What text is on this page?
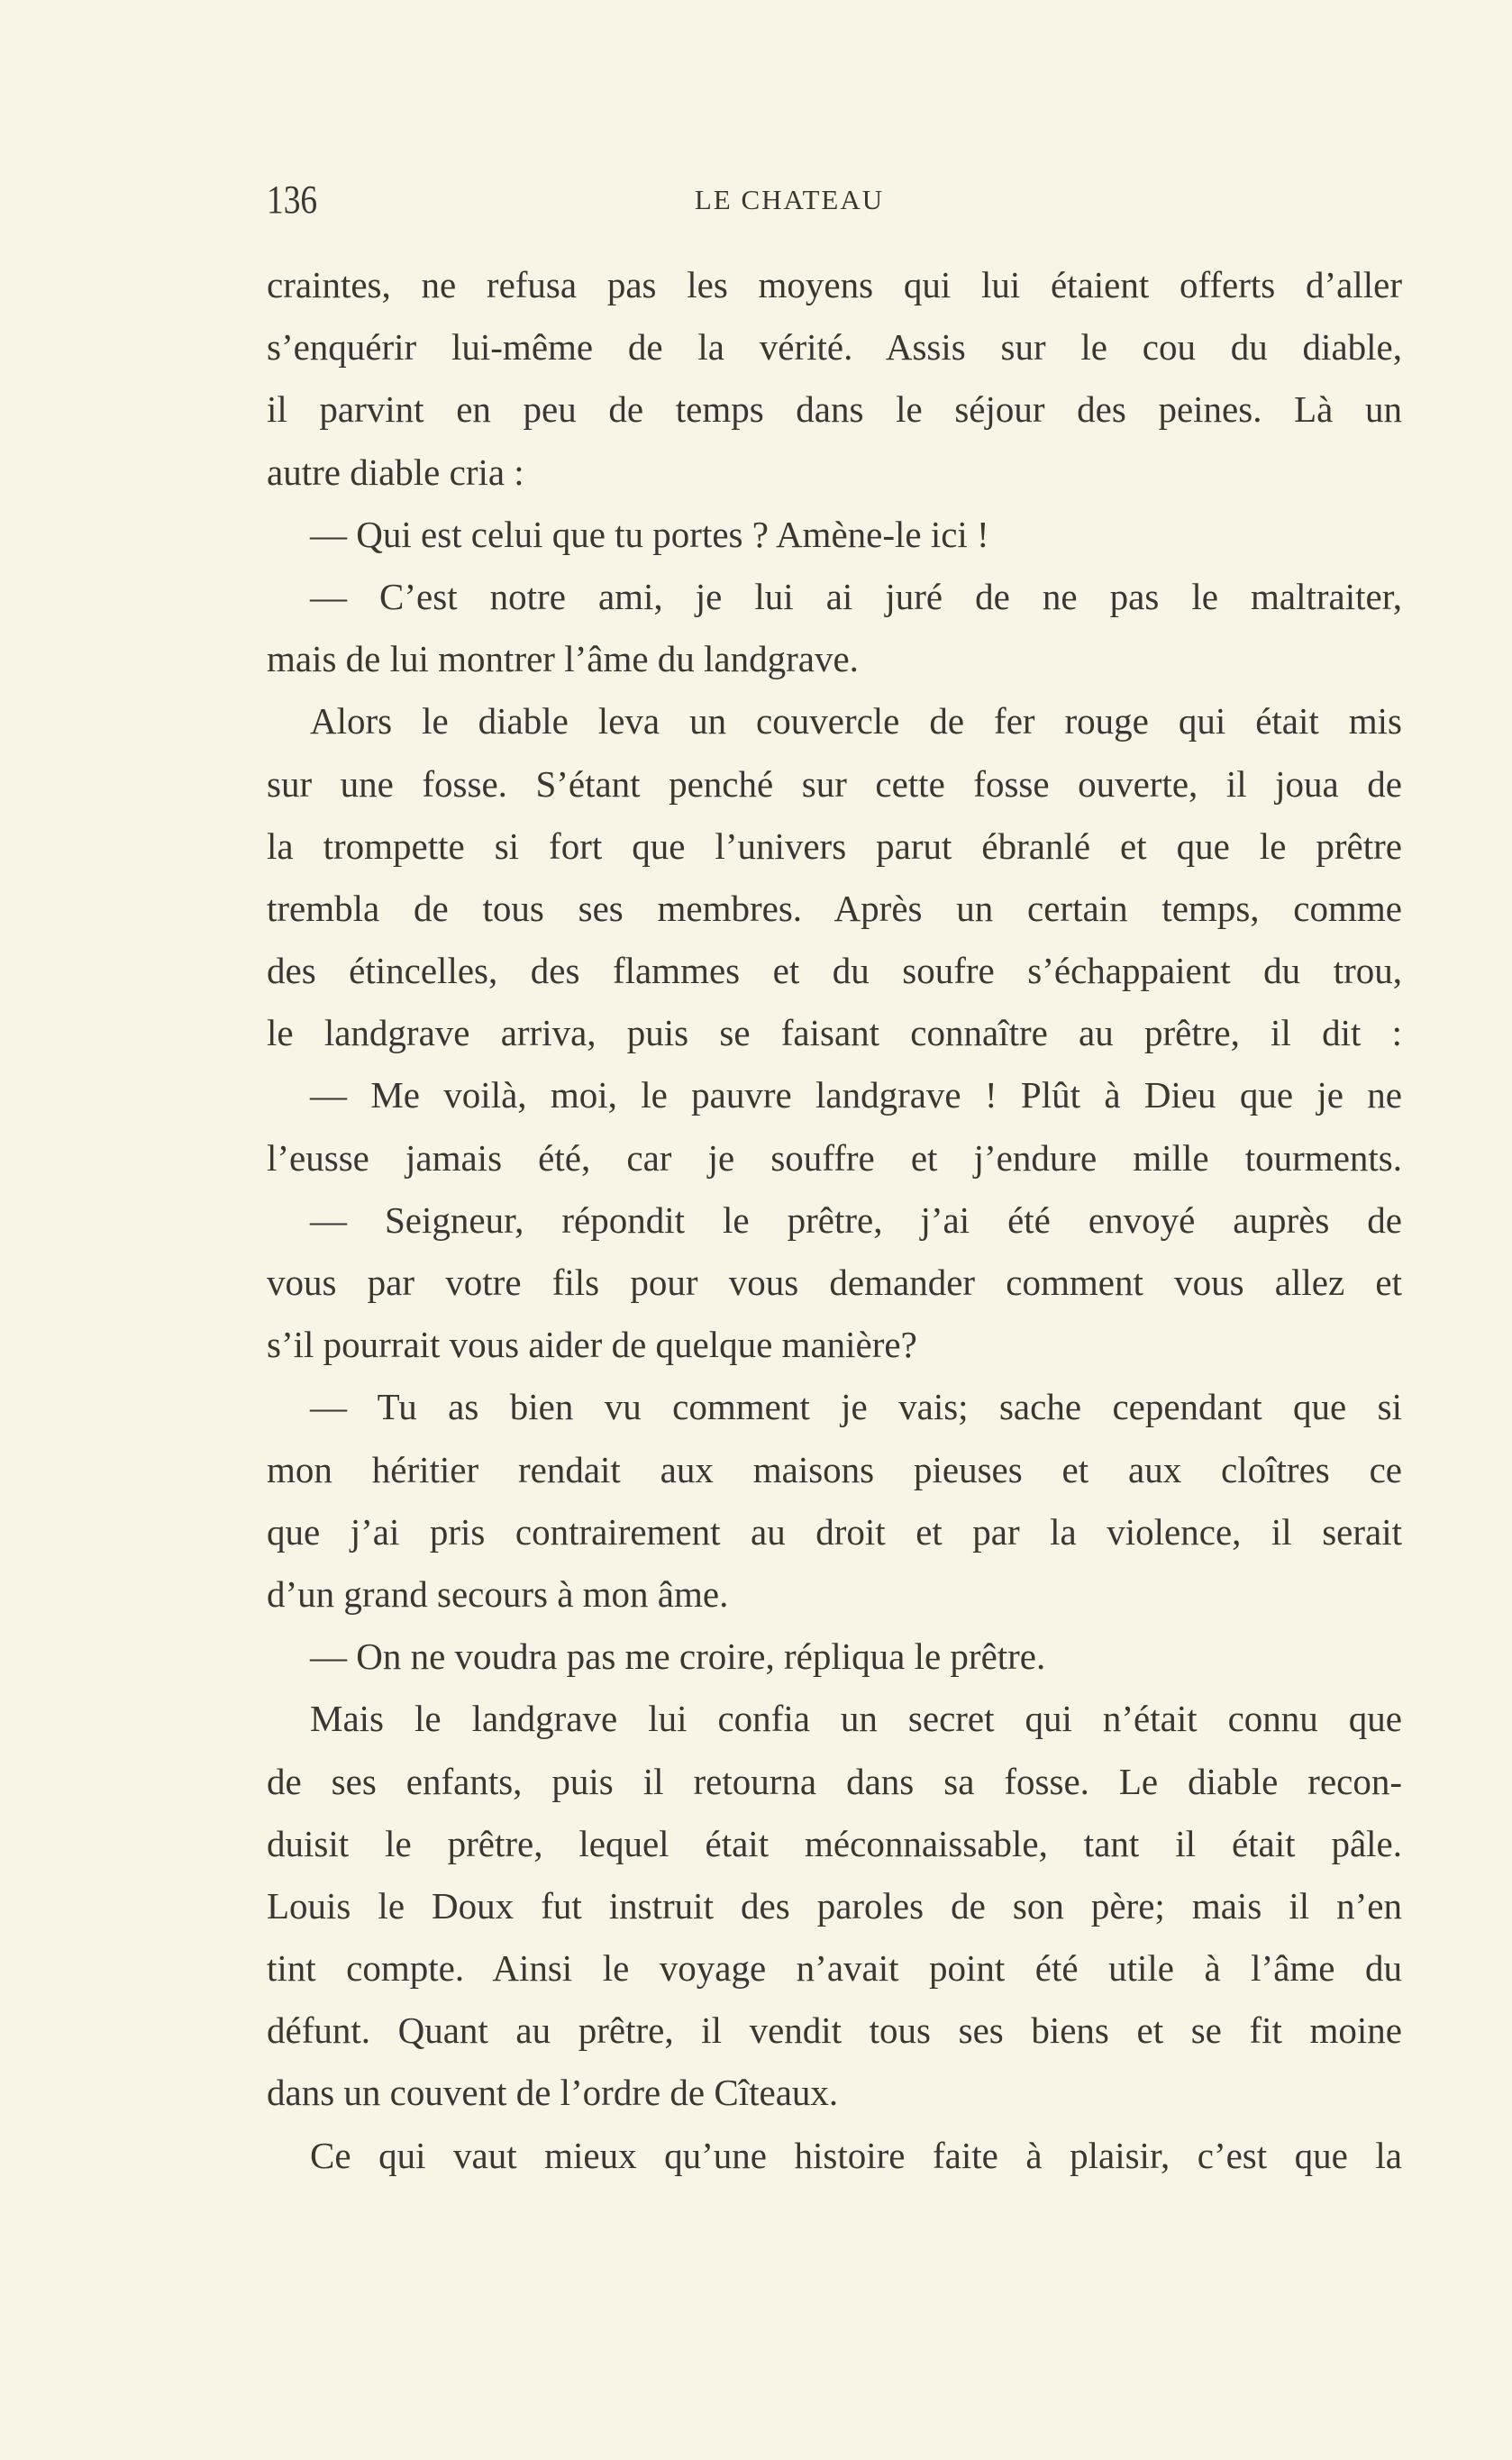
136	LE CHATEAU
craintes, ne refusa pas les moyens qui lui étaient offerts d’aller
s’enquérir lui-même de la vérité. Assis sur le cou du diable,
il parvint en peu de temps dans le séjour des peines. Là un
autre diable cria :
— Qui est celui que tu portes ? Amène-le ici !
— C’est notre ami, je lui ai juré de ne pas le maltraiter,
mais de lui montrer l’âme du landgrave.
Alors le diable leva un couvercle de fer rouge qui était mis
sur une fosse. S’étant penché sur cette fosse ouverte, il joua de
la trompette si fort que l’univers parut ébranlé et que le prêtre
trembla de tous ses membres. Après un certain temps, comme
des étincelles, des flammes et du soufre s’échappaient du trou,
le landgrave arriva, puis se faisant connaître au prêtre, il dit :
— Me voilà, moi, le pauvre landgrave ! Plût à Dieu que je ne
l’eusse jamais été, car je souffre et j’endure mille tourments.
— Seigneur, répondit le prêtre, j’ai été envoyé auprès de
vous par votre fils pour vous demander comment vous allez et
s’il pourrait vous aider de quelque manière?
— Tu as bien vu comment je vais; sache cependant que si
mon héritier rendait aux maisons pieuses et aux cloîtres ce
que j’ai pris contrairement au droit et par la violence, il serait
d’un grand secours à mon âme.
— On ne voudra pas me croire, répliqua le prêtre.
Mais le landgrave lui confia un secret qui n’était connu que
de ses enfants, puis il retourna dans sa fosse. Le diable recon-
duisit le prêtre, lequel était méconnaissable, tant il était pâle.
Louis le Doux fut instruit des paroles de son père; mais il n’en
tint compte. Ainsi le voyage n’avait point été utile à l’âme du
défunt. Quant au prêtre, il vendit tous ses biens et se fit moine
dans un couvent de l’ordre de Cîteaux.
Ce qui vaut mieux qu’une histoire faite à plaisir, c’est que la
